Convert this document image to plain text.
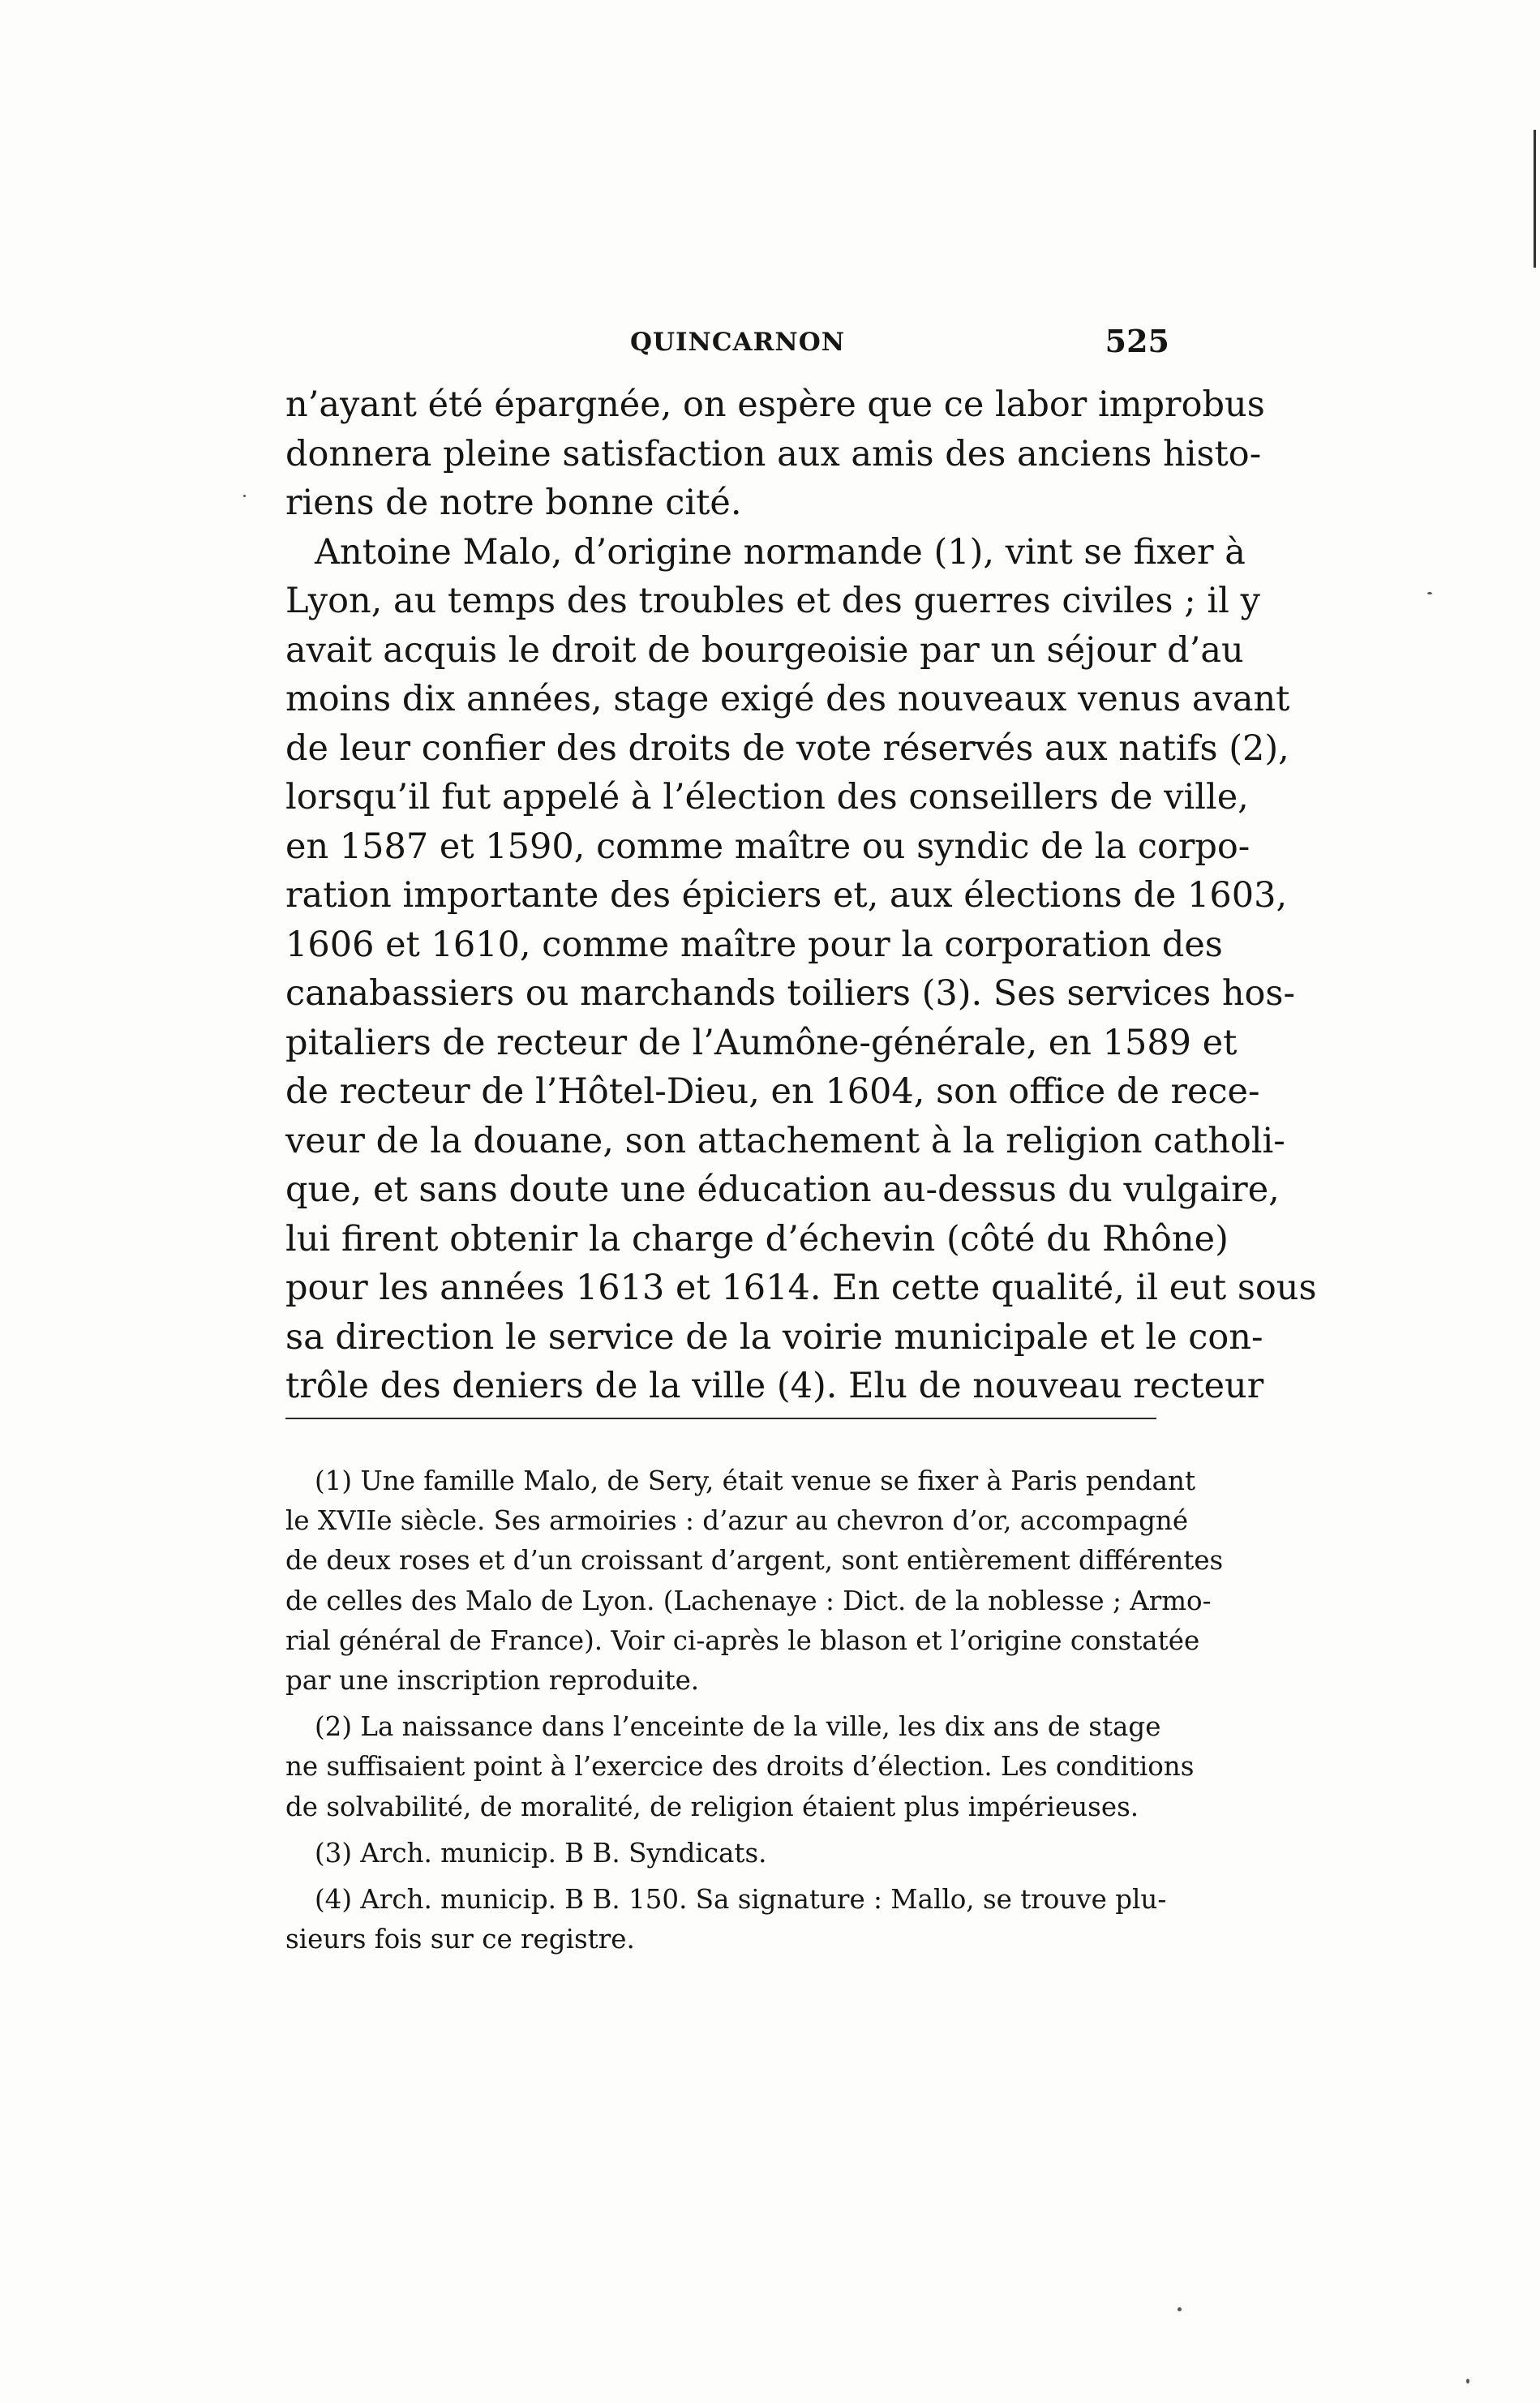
QUINCARNON	525
n’ayant été épargnée, on espère que ce labor improbus
donnera pleine satisfaction aux amis des anciens histo-
riens de notre bonne cité.
Antoine Malo, d’origine normande (1), vint se fixer à
Lyon, au temps des troubles et des guerres civiles ; il y
avait acquis le droit de bourgeoisie par un séjour d’au
moins dix années, stage exigé des nouveaux venus avant
de leur confier des droits de vote réservés aux natifs (2),
lorsqu’il fut appelé à l’élection des conseillers de ville,
en 1587 et 1590, comme maître ou syndic de la corpo-
ration importante des épiciers et, aux élections de 1603,
1606 et 1610, comme maître pour la corporation des
canabassiers ou marchands toiliers (3). Ses services hos-
pitaliers de recteur de l’Aumône-générale, en 1589 et
de recteur de l’Hôtel-Dieu, en 1604, son office de rece-
veur de la douane, son attachement à la religion catholi-
que, et sans doute une éducation au-dessus du vulgaire,
lui firent obtenir la charge d’échevin (côté du Rhône)
pour les années 1613 et 1614. En cette qualité, il eut sous
sa direction le service de la voirie municipale et le con-
trôle des deniers de la ville (4). Elu de nouveau recteur
(1) Une famille Malo, de Sery, était venue se fixer à Paris pendant
le XVIIe siècle. Ses armoiries : d’azur au chevron d’or, accompagné
de deux roses et d’un croissant d’argent, sont entièrement différentes
de celles des Malo de Lyon. (Lachenaye : Dict. de la noblesse ; Armo-
rial général de France). Voir ci-après le blason et l’origine constatée
par une inscription reproduite.
(2) La naissance dans l’enceinte de la ville, les dix ans de stage
ne suffisaient point à l’exercice des droits d’élection. Les conditions
de solvabilité, de moralité, de religion étaient plus impérieuses.
(3) Arch. municip. B B. Syndicats.
(4) Arch. municip. B B. 150. Sa signature : Mallo, se trouve plu-
sieurs fois sur ce registre.
